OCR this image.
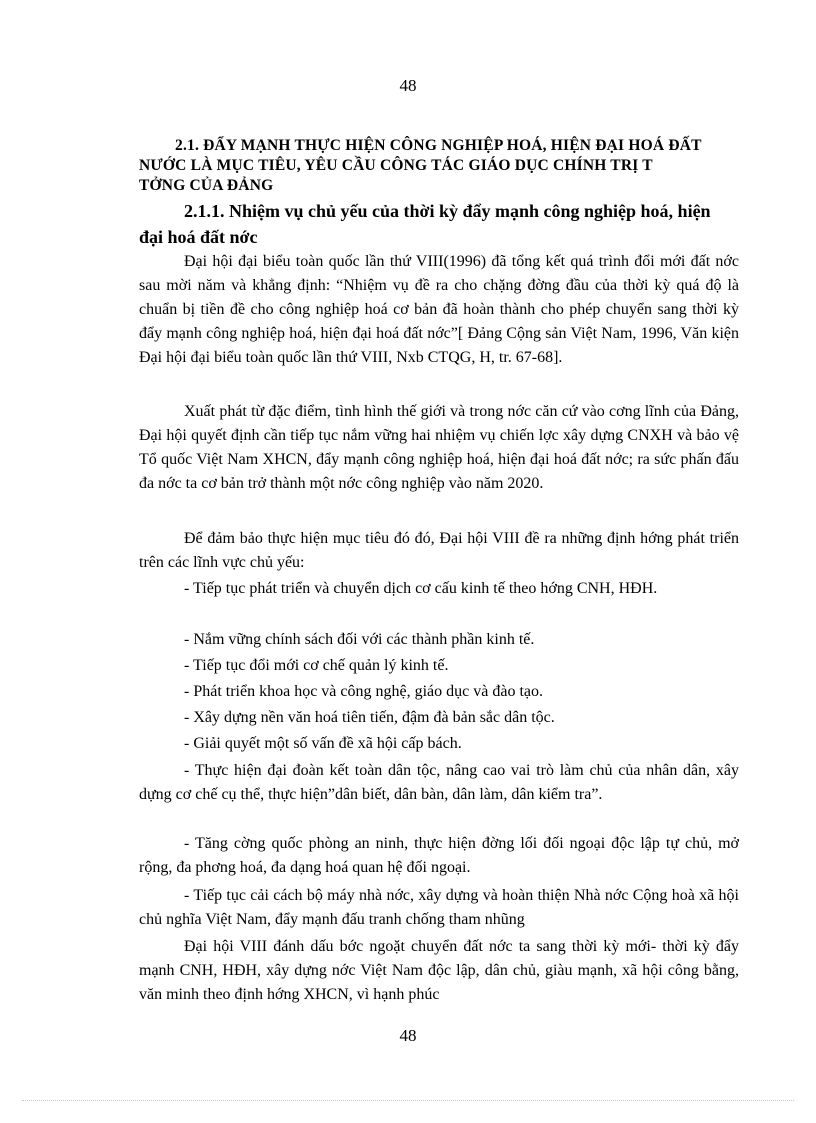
48
2.1. ĐẨY MẠNH THỰC HIỆN CÔNG NGHIỆP HOÁ, HIỆN ĐẠI HOÁ ĐẤT
NƯỚC LÀ MỤC TIÊU, YÊU CẦU CÔNG TÁC GIÁO DỤC CHÍNH TRỊ T
TỞNG CỦA ĐẢNG
2.1.1. Nhiệm vụ chủ yếu của thời kỳ đẩy mạnh công nghiệp hoá, hiện đại hoá đất nớc
Đại hội đại biểu toàn quốc lần thứ VIII(1996) đã tổng kết quá trình đổi mới đất nớc sau mời năm và khẳng định: “Nhiệm vụ đề ra cho chặng đờng đầu của thời kỳ quá độ là chuẩn bị tiền đề cho công nghiệp hoá cơ bản đã hoàn thành cho phép chuyển sang thời kỳ đẩy mạnh công nghiệp hoá, hiện đại hoá đất nớc”[ Đảng Cộng sản Việt Nam, 1996, Văn kiện Đại hội đại biểu toàn quốc lần thứ VIII, Nxb CTQG, H, tr. 67-68].
Xuất phát từ đặc điểm, tình hình thế giới và trong nớc căn cứ vào cơng lĩnh của Đảng, Đại hội quyết định cần tiếp tục nắm vững hai nhiệm vụ chiến lợc xây dựng CNXH và bảo vệ Tổ quốc Việt Nam XHCN, đẩy mạnh công nghiệp hoá, hiện đại hoá đất nớc; ra sức phấn đấu đa nớc ta cơ bản trở thành một nớc công nghiệp vào năm 2020.
Để đảm bảo thực hiện mục tiêu đó đó, Đại hội VIII đề ra những định hớng phát triển trên các lĩnh vực chủ yếu:
- Tiếp tục phát triển và chuyển dịch cơ cấu kinh tế theo hớng CNH, HĐH.
- Nắm vững chính sách đối với các thành phần kinh tế.
- Tiếp tục đổi mới cơ chế quản lý kinh tế.
- Phát triển khoa học và công nghệ, giáo dục và đào tạo.
- Xây dựng nền văn hoá tiên tiến, đậm đà bản sắc dân tộc.
- Giải quyết một số vấn đề xã hội cấp bách.
- Thực hiện đại đoàn kết toàn dân tộc, nâng cao vai trò làm chủ của nhân dân, xây dựng cơ chế cụ thể, thực hiện”dân biết, dân bàn, dân làm, dân kiểm tra”.
- Tăng cờng quốc phòng an ninh, thực hiện đờng lối đối ngoại độc lập tự chủ, mở rộng, đa phơng hoá, đa dạng hoá quan hệ đối ngoại.
- Tiếp tục cải cách bộ máy nhà nớc, xây dựng và hoàn thiện Nhà nớc Cộng hoà xã hội chủ nghĩa Việt Nam, đẩy mạnh đấu tranh chống tham nhũng
Đại hội VIII đánh dấu bớc ngoặt chuyển đất nớc ta sang thời kỳ mới- thời kỳ đẩy mạnh CNH, HĐH, xây dựng nớc Việt Nam độc lập, dân chủ, giàu mạnh, xã hội công bằng, văn minh theo định hớng XHCN, vì hạnh phúc
48
